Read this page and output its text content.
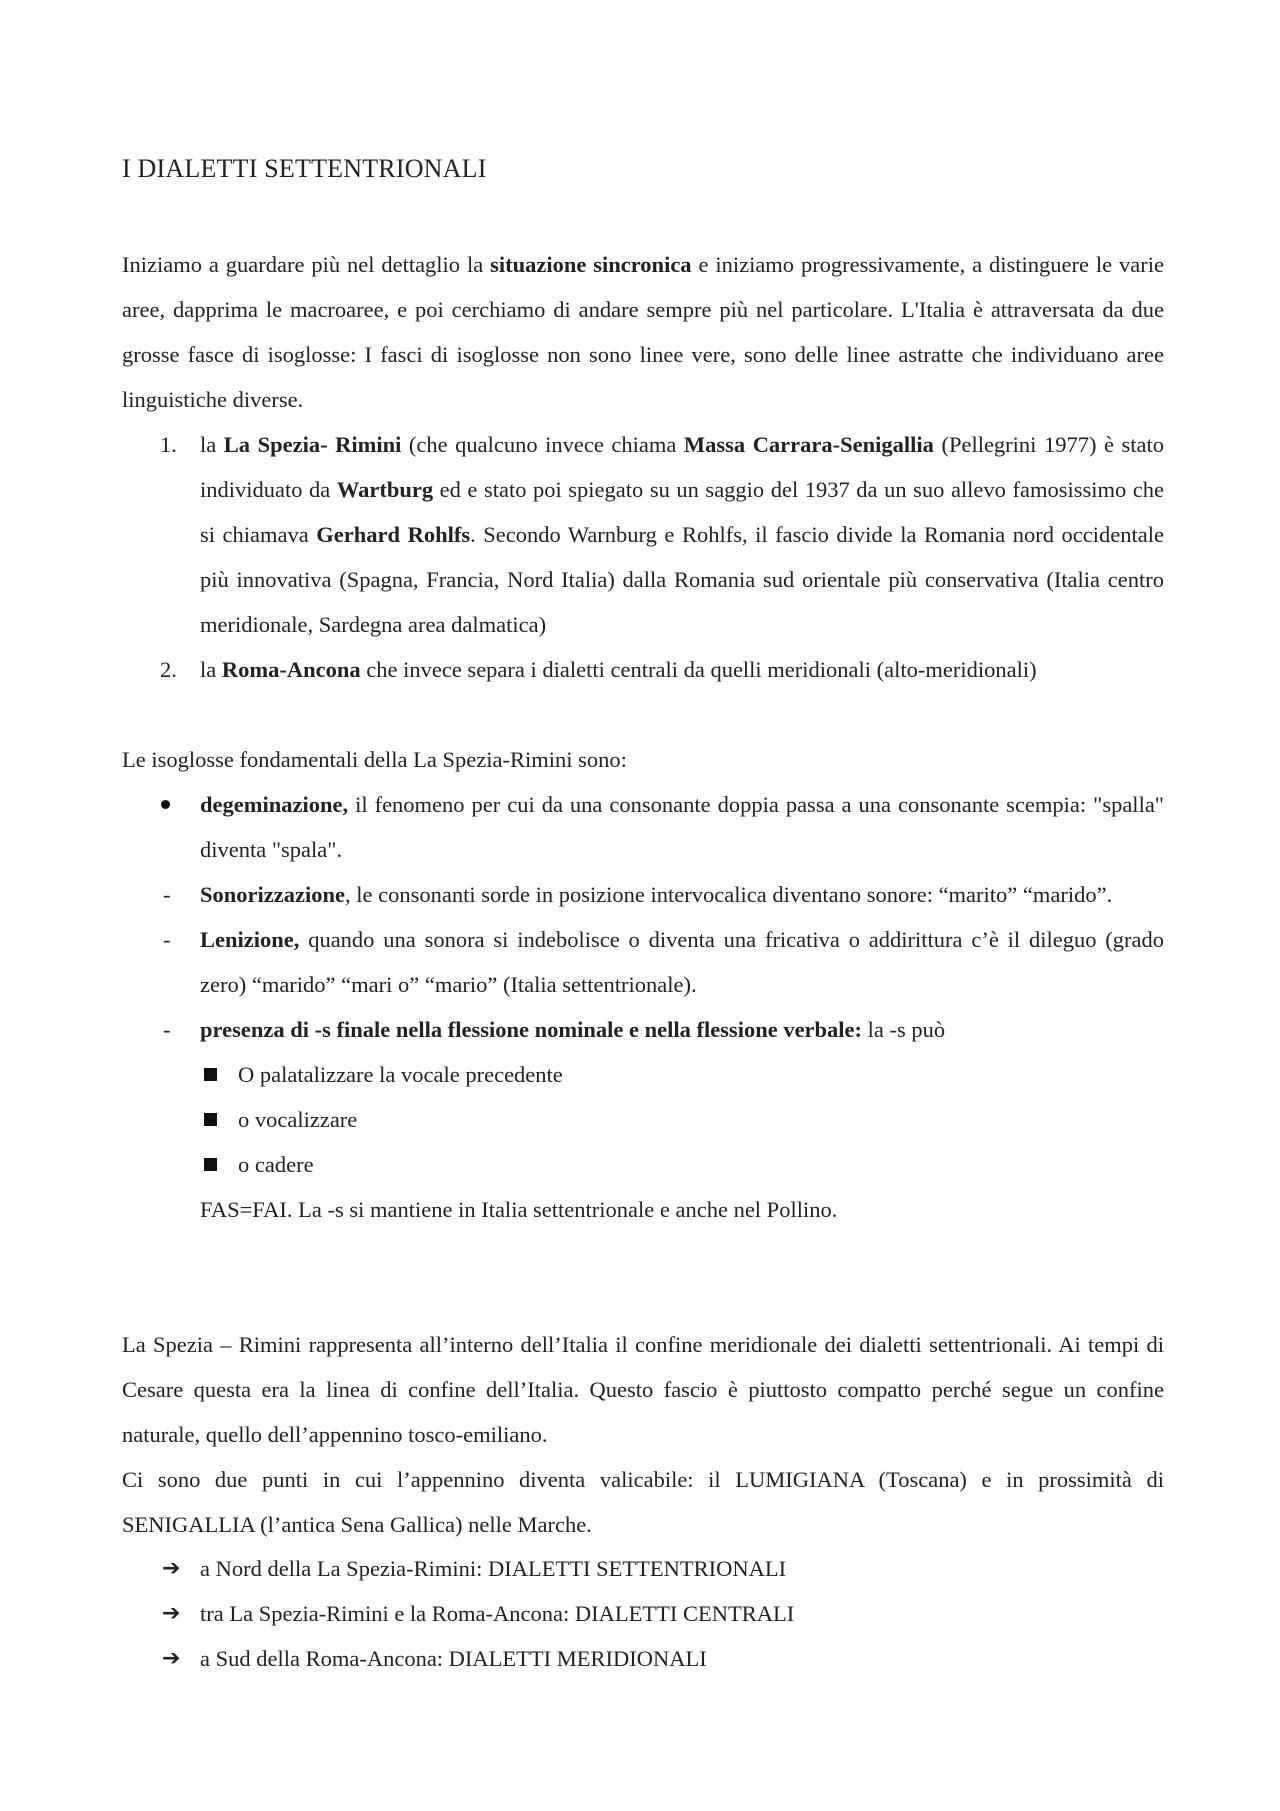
I DIALETTI SETTENTRIONALI
Iniziamo a guardare più nel dettaglio la situazione sincronica e iniziamo progressivamente, a distinguere le varie aree, dapprima le macroaree, e poi cerchiamo di andare sempre più nel particolare. L'Italia è attraversata da due grosse fasce di isoglosse: I fasci di isoglosse non sono linee vere, sono delle linee astratte che individuano aree linguistiche diverse.
1. la La Spezia- Rimini (che qualcuno invece chiama Massa Carrara-Senigallia (Pellegrini 1977) è stato individuato da Wartburg ed e stato poi spiegato su un saggio del 1937 da un suo allevo famosissimo che si chiamava Gerhard Rohlfs. Secondo Warnburg e Rohlfs, il fascio divide la Romania nord occidentale più innovativa (Spagna, Francia, Nord Italia) dalla Romania sud orientale più conservativa (Italia centro meridionale, Sardegna area dalmatica)
2. la Roma-Ancona che invece separa i dialetti centrali da quelli meridionali (alto-meridionali)
Le isoglosse fondamentali della La Spezia-Rimini sono:
degeminazione, il fenomeno per cui da una consonante doppia passa a una consonante scempia: "spalla" diventa "spala".
- Sonorizzazione, le consonanti sorde in posizione intervocalica diventano sonore: “marito” “marido”.
- Lenizione, quando una sonora si indebolisce o diventa una fricativa o addirittura c’è il dileguo (grado zero) “marido” “mari o” “mario” (Italia settentrionale).
- presenza di -s finale nella flessione nominale e nella flessione verbale: la -s può
O palatalizzare la vocale precedente
o vocalizzare
o cadere
FAS=FAI. La -s si mantiene in Italia settentrionale e anche nel Pollino.
La Spezia – Rimini rappresenta all’interno dell’Italia il confine meridionale dei dialetti settentrionali. Ai tempi di Cesare questa era la linea di confine dell’Italia. Questo fascio è piuttosto compatto perché segue un confine naturale, quello dell’appennino tosco-emiliano.
Ci sono due punti in cui l’appennino diventa valicabile: il LUMIGIANA (Toscana) e in prossimità di SENIGALLIA (l’antica Sena Gallica) nelle Marche.
➔ a Nord della La Spezia-Rimini: DIALETTI SETTENTRIONALI
➔ tra La Spezia-Rimini e la Roma-Ancona: DIALETTI CENTRALI
➔ a Sud della Roma-Ancona: DIALETTI MERIDIONALI
